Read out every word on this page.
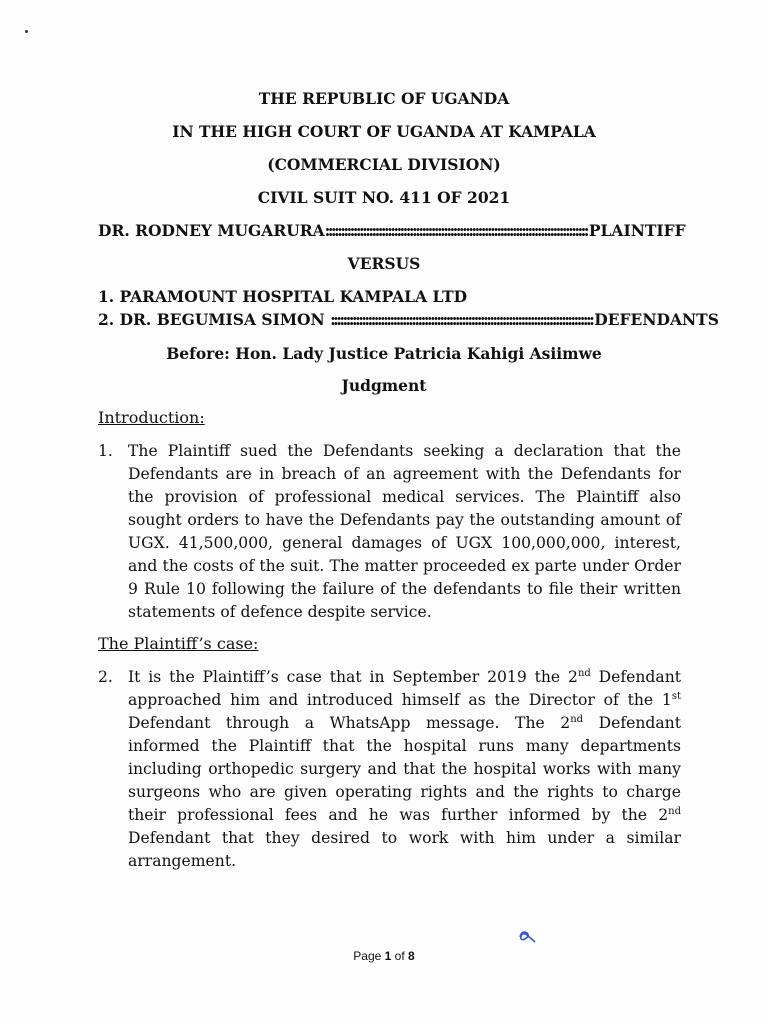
THE REPUBLIC OF UGANDA
IN THE HIGH COURT OF UGANDA AT KAMPALA
(COMMERCIAL DIVISION)
CIVIL SUIT NO. 411 OF 2021
DR. RODNEY MUGARURA:::::::::::::::::::::::::::::::::::::::::::::::::::::::::::::::::::::::::::::::::::: PLAINTIFF
VERSUS
1. PARAMOUNT HOSPITAL KAMPALA LTD
2. DR. BEGUMISA SIMON :::::::::::::::::::::::::::::::::::::::::::::::::::::::::::::::::::::::::::::::::::: DEFENDANTS
Before: Hon. Lady Justice Patricia Kahigi Asiimwe
Judgment
Introduction:
1. The Plaintiff sued the Defendants seeking a declaration that the Defendants are in breach of an agreement with the Defendants for the provision of professional medical services. The Plaintiff also sought orders to have the Defendants pay the outstanding amount of UGX. 41,500,000, general damages of UGX 100,000,000, interest, and the costs of the suit. The matter proceeded ex parte under Order 9 Rule 10 following the failure of the defendants to file their written statements of defence despite service.
The Plaintiff’s case:
2. It is the Plaintiff’s case that in September 2019 the 2nd Defendant approached him and introduced himself as the Director of the 1st Defendant through a WhatsApp message. The 2nd Defendant informed the Plaintiff that the hospital runs many departments including orthopedic surgery and that the hospital works with many surgeons who are given operating rights and the rights to charge their professional fees and he was further informed by the 2nd Defendant that they desired to work with him under a similar arrangement.
Page 1 of 8
